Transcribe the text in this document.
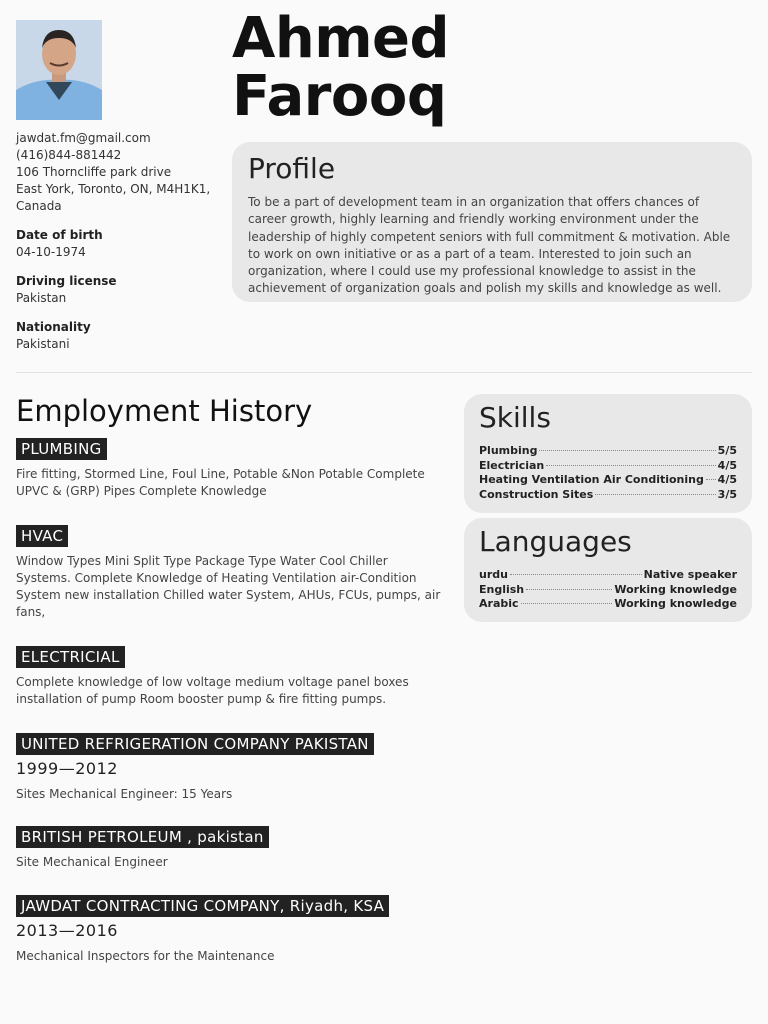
Ahmed
Farooq
jawdat.fm@gmail.com
(416)844-881442
106 Thorncliffe park drive
East York, Toronto, ON, M4H1K1,
Canada
Date of birth
04-10-1974
Driving license
Pakistan
Nationality
Pakistani
Profile

To be a part of development team in an organization that offers chances of career growth, highly learning and friendly working environment under the leadership of highly competent seniors with full commitment & motivation. Able to work on own initiative or as a part of a team. Interested to join such an organization, where I could use my professional knowledge to assist in the achievement of organization goals and polish my skills and knowledge as well.

Employment History
PLUMBING
Fire fitting, Stormed Line, Foul Line, Potable &Non Potable Complete UPVC & (GRP) Pipes Complete Knowledge
HVAC
Window Types Mini Split Type Package Type Water Cool Chiller Systems. Complete Knowledge of Heating Ventilation air-Condition System new installation Chilled water System, AHUs, FCUs, pumps, air fans,
ELECTRICIAL
Complete knowledge of low voltage medium voltage panel boxes installation of pump Room booster pump & fire fitting pumps.
UNITED REFRIGERATION COMPANY PAKISTAN
1999—2012
Sites Mechanical Engineer: 15 Years
BRITISH PETROLEUM , pakistan
Site Mechanical Engineer
JAWDAT CONTRACTING COMPANY, Riyadh, KSA
2013—2016
Mechanical Inspectors for the Maintenance
Skills
Plumbing	5/5
Electrician	4/5
Heating Ventilation Air Conditioning 4/5
Construction Sites	3/5
Languages
urdu	Native speaker
English	Working knowledge
Arabic	Working knowledge
